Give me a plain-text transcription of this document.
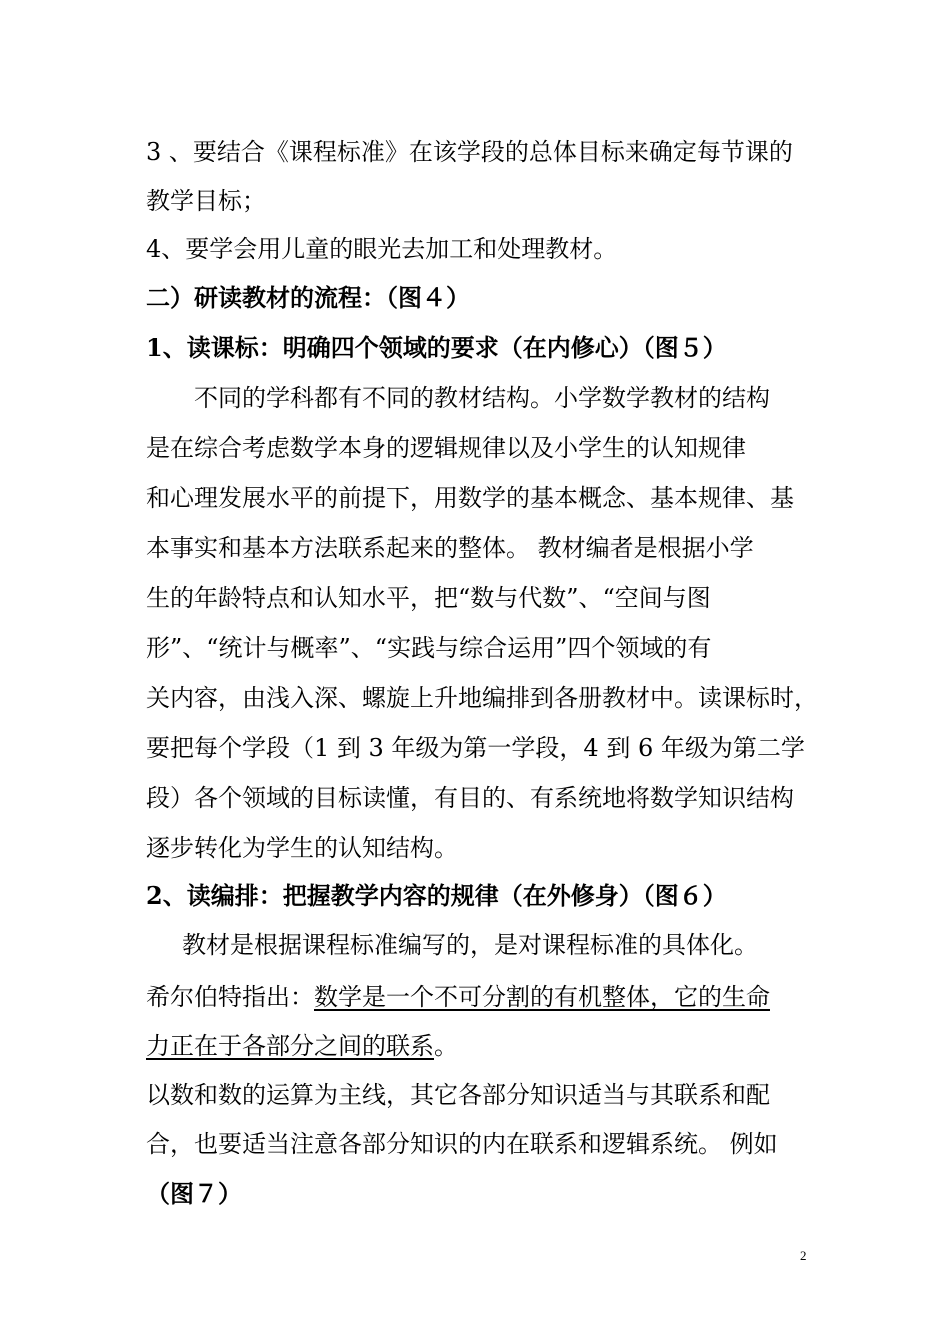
3 、要结合《课程标准》在该学段的总体目标来确定每节课的
教学目标；
4、要学会用儿童的眼光去加工和处理教材。
二）研读教材的流程：（图４）
1、读课标：明确四个领域的要求（在内修心）（图５）
不同的学科都有不同的教材结构。小学数学教材的结构
是在综合考虑数学本身的逻辑规律以及小学生的认知规律
和心理发展水平的前提下，用数学的基本概念、基本规律、基
本事实和基本方法联系起来的整体。 教材编者是根据小学
生的年龄特点和认知水平，把“数与代数”、“空间与图
形”、“统计与概率”、“实践与综合运用”四个领域的有
关内容，由浅入深、螺旋上升地编排到各册教材中。读课标时，
要把每个学段（1 到 3 年级为第一学段，4 到 6 年级为第二学
段）各个领域的目标读懂，有目的、有系统地将数学知识结构
逐步转化为学生的认知结构。
2、读编排：把握教学内容的规律（在外修身）（图６）
教材是根据课程标准编写的，是对课程标准的具体化。
希尔伯特指出：数学是一个不可分割的有机整体，它的生命
力正在于各部分之间的联系。
以数和数的运算为主线，其它各部分知识适当与其联系和配
合，也要适当注意各部分知识的内在联系和逻辑系统。 例如
（图７）
2
